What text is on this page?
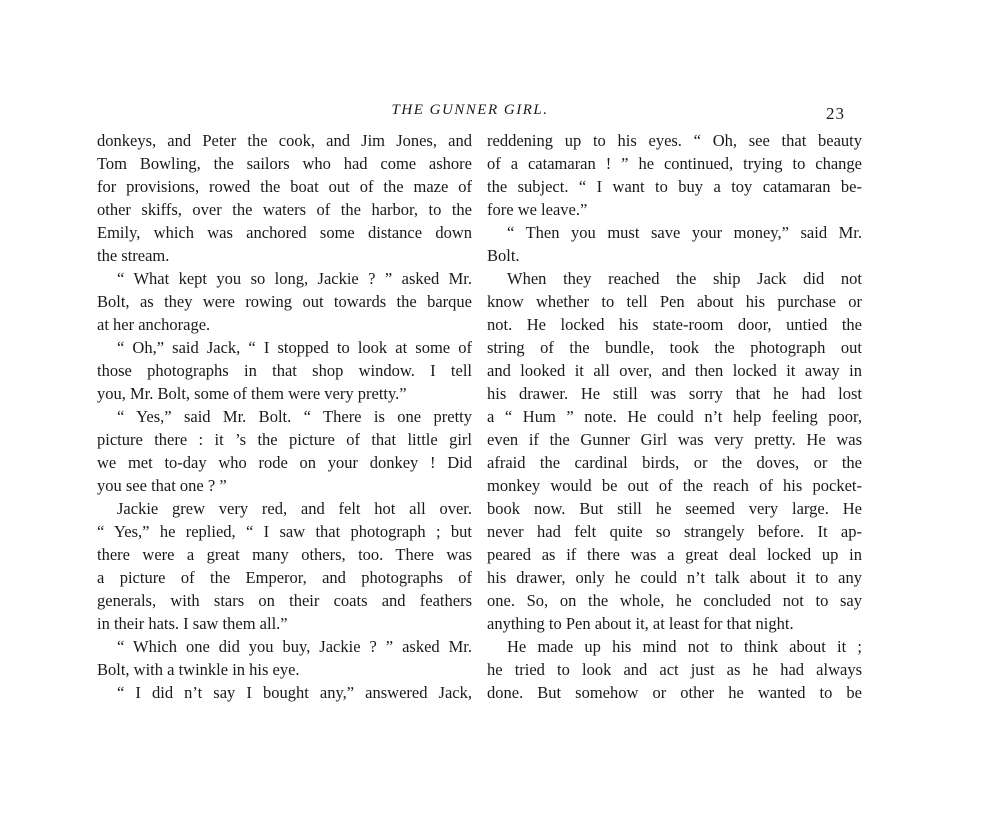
THE GUNNER GIRL.	23
donkeys, and Peter the cook, and Jim Jones, and
Tom Bowling, the sailors who had come ashore
for provisions, rowed the boat out of the maze of
other skiffs, over the waters of the harbor, to the
Emily, which was anchored some distance down
the stream.
“ What kept you so long, Jackie ? ” asked Mr.
Bolt, as they were rowing out towards the barque
at her anchorage.
“ Oh,” said Jack, “ I stopped to look at some of
those photographs in that shop window. I tell
you, Mr. Bolt, some of them were very pretty.”
“ Yes,” said Mr. Bolt. “ There is one pretty
picture there : it ’s the picture of that little girl
we met to-day who rode on your donkey ! Did
you see that one ? ”
Jackie grew very red, and felt hot all over.
“ Yes,” he replied, “ I saw that photograph ; but
there were a great many others, too. There was
a picture of the Emperor, and photographs of
generals, with stars on their coats and feathers
in their hats. I saw them all.”
“ Which one did you buy, Jackie ? ” asked Mr.
Bolt, with a twinkle in his eye.
“ I did n’t say I bought any,” answered Jack,
reddening up to his eyes. “ Oh, see that beauty
of a catamaran ! ” he continued, trying to change
the subject. “ I want to buy a toy catamaran be-
fore we leave.”
“ Then you must save your money,” said Mr.
Bolt.
When they reached the ship Jack did not
know whether to tell Pen about his purchase or
not. He locked his state-room door, untied the
string of the bundle, took the photograph out
and looked it all over, and then locked it away in
his drawer. He still was sorry that he had lost
a “ Hum ” note. He could n’t help feeling poor,
even if the Gunner Girl was very pretty. He was
afraid the cardinal birds, or the doves, or the
monkey would be out of the reach of his pocket-
book now. But still he seemed very large. He
never had felt quite so strangely before. It ap-
peared as if there was a great deal locked up in
his drawer, only he could n’t talk about it to any
one. So, on the whole, he concluded not to say
anything to Pen about it, at least for that night.
He made up his mind not to think about it ;
he tried to look and act just as he had always
done. But somehow or other he wanted to be
